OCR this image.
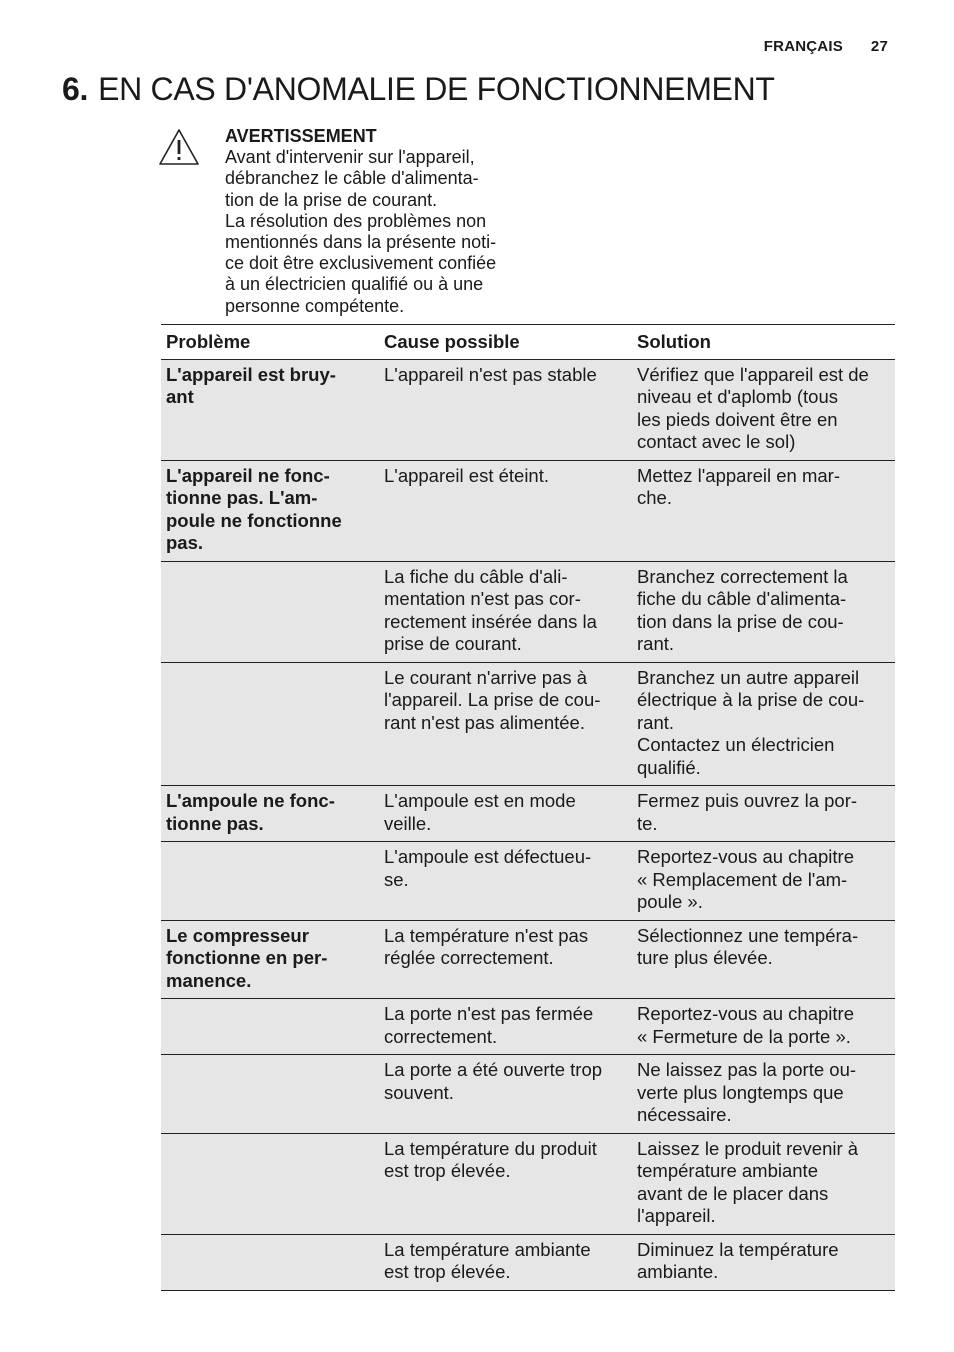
FRANÇAIS 27
6. EN CAS D'ANOMALIE DE FONCTIONNEMENT
AVERTISSEMENT
Avant d'intervenir sur l'appareil,
débranchez le câble d'alimenta-
tion de la prise de courant.
La résolution des problèmes non
mentionnés dans la présente noti-
ce doit être exclusivement confiée
à un électricien qualifié ou à une
personne compétente.
Problème	Cause possible	Solution

L'appareil est bruy-
ant	L'appareil n'est pas stable	Vérifiez que l'appareil est de
niveau et d'aplomb (tous
les pieds doivent être en
contact avec le sol)

L'appareil ne fonc-
tionne pas. L'am-
poule ne fonctionne
pas.	L'appareil est éteint.	Mettez l'appareil en mar-
che.

	La fiche du câble d'ali-
mentation n'est pas cor-
rectement insérée dans la
prise de courant.	Branchez correctement la
fiche du câble d'alimenta-
tion dans la prise de cou-
rant.

	Le courant n'arrive pas à
l'appareil. La prise de cou-
rant n'est pas alimentée.	Branchez un autre appareil
électrique à la prise de cou-
rant.
Contactez un électricien
qualifié.

L'ampoule ne fonc-
tionne pas.	L'ampoule est en mode
veille.	Fermez puis ouvrez la por-
te.

	L'ampoule est défectueu-
se.	Reportez-vous au chapitre
« Remplacement de l'am-
poule ».

Le compresseur
fonctionne en per-
manence.	La température n'est pas
réglée correctement.	Sélectionnez une tempéra-
ture plus élevée.

	La porte n'est pas fermée
correctement.	Reportez-vous au chapitre
« Fermeture de la porte ».

	La porte a été ouverte trop
souvent.	Ne laissez pas la porte ou-
verte plus longtemps que
nécessaire.

	La température du produit
est trop élevée.	Laissez le produit revenir à
température ambiante
avant de le placer dans
l'appareil.

	La température ambiante
est trop élevée.	Diminuez la température
ambiante.
